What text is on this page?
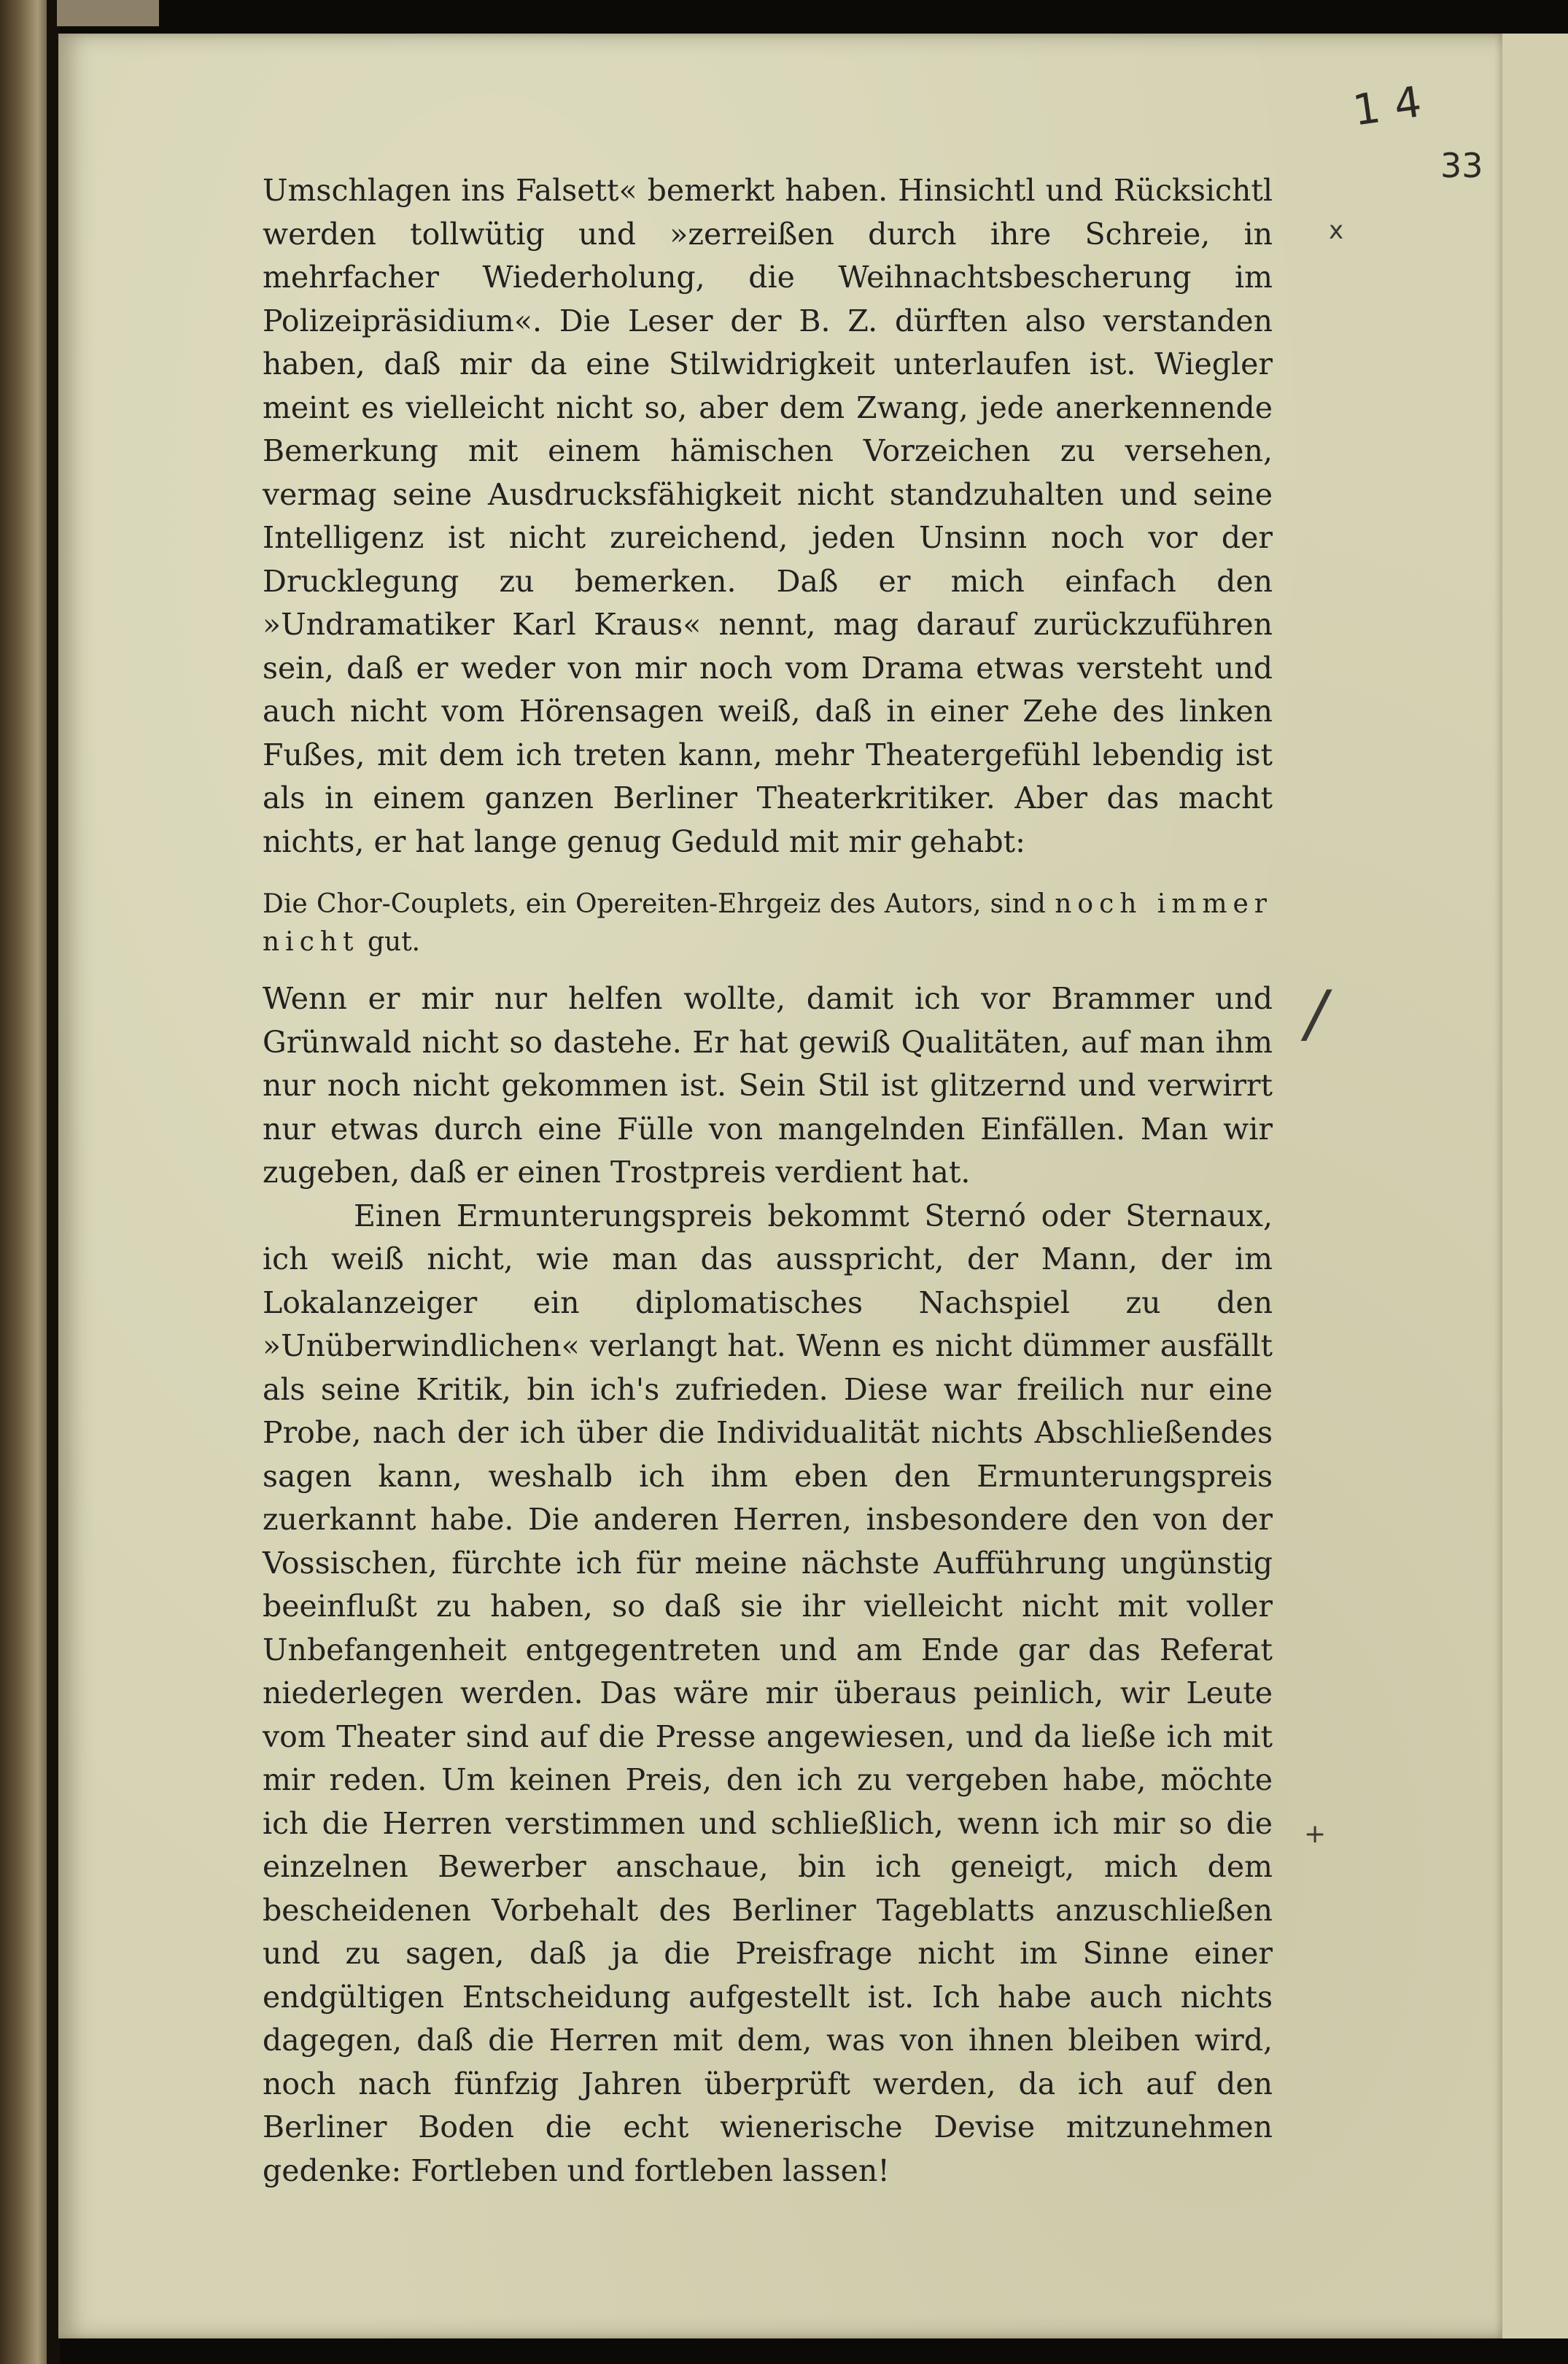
14
33
x
/
+

Umschlagen ins Falsett« bemerkt haben. Hinsichtl und Rücksichtl werden tollwütig und »zerreißen durch ihre Schreie, in mehrfacher Wiederholung, die Weihnachtsbescherung im Polizeipräsidium«. Die Leser der B. Z. dürften also verstanden haben, daß mir da eine Stilwidrigkeit unterlaufen ist. Wiegler meint es vielleicht nicht so, aber dem Zwang, jede anerkennende Bemerkung mit einem hämischen Vorzeichen zu versehen, vermag seine Ausdrucksfähigkeit nicht standzuhalten und seine Intelligenz ist nicht zureichend, jeden Unsinn noch vor der Drucklegung zu bemerken. Daß er mich einfach den »Undramatiker Karl Kraus« nennt, mag darauf zurückzuführen sein, daß er weder von mir noch vom Drama etwas versteht und auch nicht vom Hörensagen weiß, daß in einer Zehe des linken Fußes, mit dem ich treten kann, mehr Theatergefühl lebendig ist als in einem ganzen Berliner Theaterkritiker. Aber das macht nichts, er hat lange genug Geduld mit mir gehabt:

Die Chor-Couplets, ein Opereiten-Ehrgeiz des Autors, sind noch immer nicht gut.

Wenn er mir nur helfen wollte, damit ich vor Brammer und Grünwald nicht so dastehe. Er hat gewiß Qualitäten, auf man ihm nur noch nicht gekommen ist. Sein Stil ist glitzernd und verwirrt nur etwas durch eine Fülle von mangelnden Einfällen. Man wir zugeben, daß er einen Trostpreis verdient hat.

Einen Ermunterungspreis bekommt Sternó oder Sternaux, ich weiß nicht, wie man das ausspricht, der Mann, der im Lokalanzeiger ein diplomatisches Nachspiel zu den »Unüberwindlichen« verlangt hat. Wenn es nicht dümmer ausfällt als seine Kritik, bin ich's zufrieden. Diese war freilich nur eine Probe, nach der ich über die Individualität nichts Abschließendes sagen kann, weshalb ich ihm eben den Ermunterungspreis zuerkannt habe. Die anderen Herren, insbesondere den von der Vossischen, fürchte ich für meine nächste Aufführung ungünstig beeinflußt zu haben, so daß sie ihr vielleicht nicht mit voller Unbefangenheit entgegentreten und am Ende gar das Referat niederlegen werden. Das wäre mir überaus peinlich, wir Leute vom Theater sind auf die Presse angewiesen, und da ließe ich mit mir reden. Um keinen Preis, den ich zu vergeben habe, möchte ich die Herren verstimmen und schließlich, wenn ich mir so die einzelnen Bewerber anschaue, bin ich geneigt, mich dem bescheidenen Vorbehalt des Berliner Tageblatts anzuschließen und zu sagen, daß ja die Preisfrage nicht im Sinne einer endgültigen Entscheidung aufgestellt ist. Ich habe auch nichts dagegen, daß die Herren mit dem, was von ihnen bleiben wird, noch nach fünfzig Jahren überprüft werden, da ich auf den Berliner Boden die echt wienerische Devise mitzunehmen gedenke: Fortleben und fortleben lassen!
